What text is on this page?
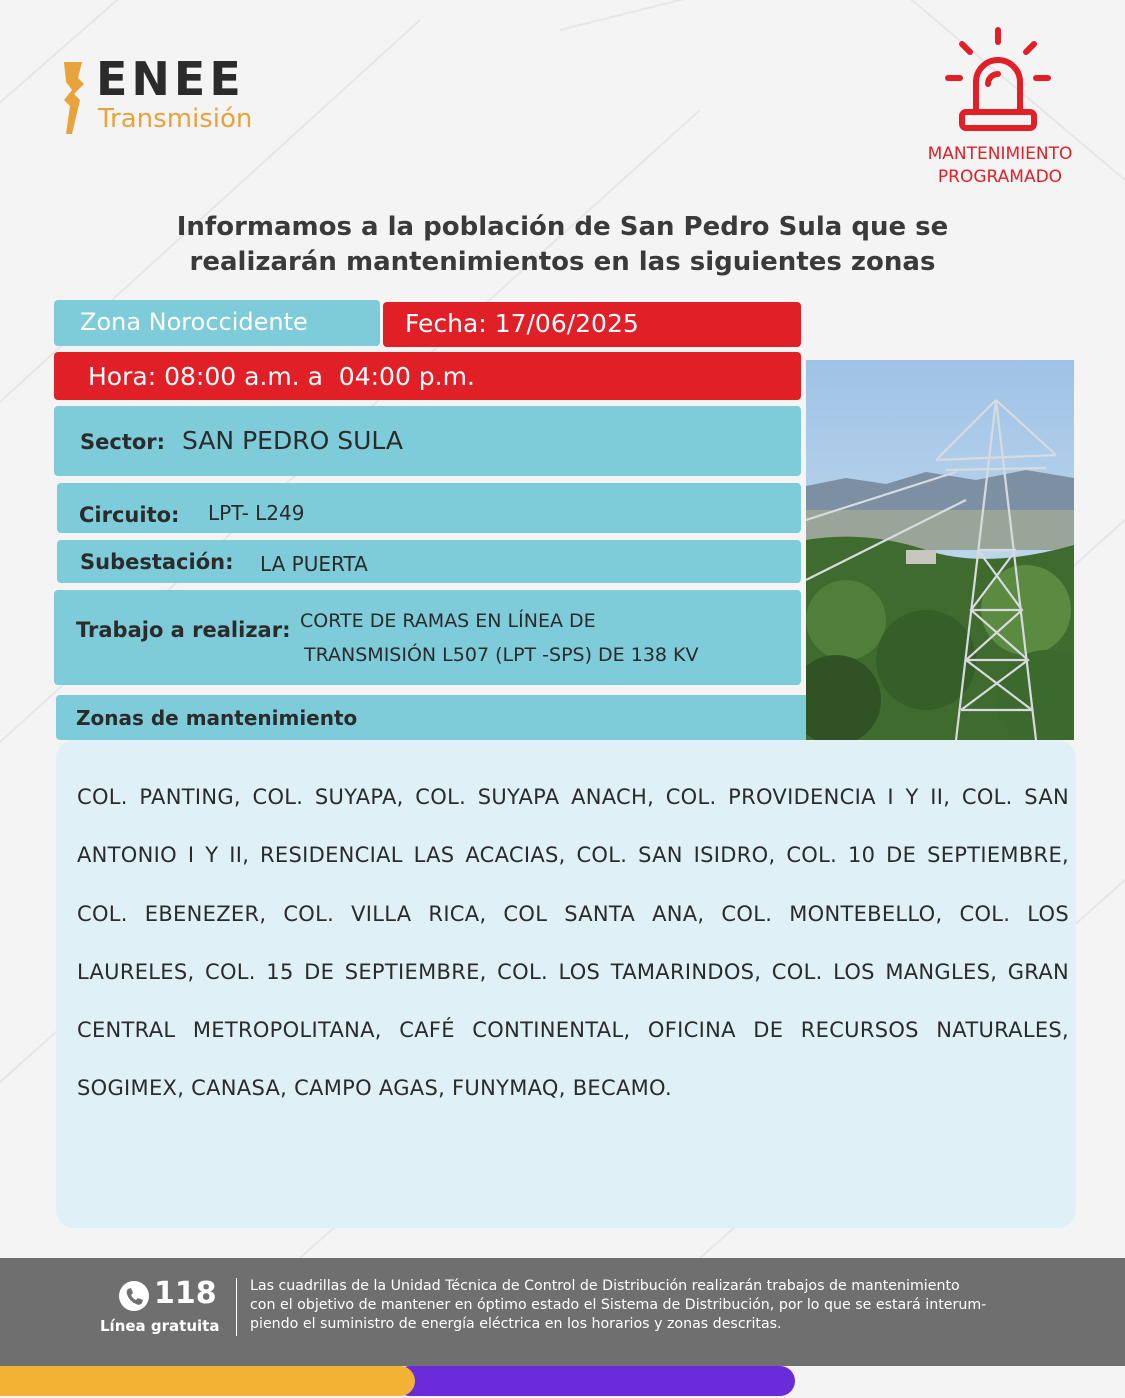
ENEE
Transmisión
MANTENIMIENTO
PROGRAMADO
Informamos a la población de San Pedro Sula que se
realizarán mantenimientos en las siguientes zonas
Zona Noroccidente	Fecha: 17/06/2025
Hora: 08:00 a.m. a  04:00 p.m.
Sector: SAN PEDRO SULA
Circuito: LPT- L249
Subestación: LA PUERTA
Trabajo a realizar: CORTE DE RAMAS EN LÍNEA DE
TRANSMISIÓN L507 (LPT -SPS) DE 138 KV
Zonas de mantenimiento
COL. PANTING, COL. SUYAPA, COL. SUYAPA ANACH, COL. PROVIDENCIA I Y II, COL. SAN ANTONIO I Y II, RESIDENCIAL LAS ACACIAS, COL. SAN ISIDRO, COL. 10 DE SEPTIEMBRE, COL. EBENEZER, COL. VILLA RICA, COL SANTA ANA, COL. MONTEBELLO, COL. LOS LAURELES, COL. 15 DE SEPTIEMBRE, COL. LOS TAMARINDOS, COL. LOS MANGLES, GRAN CENTRAL METROPOLITANA, CAFÉ CONTINENTAL, OFICINA DE RECURSOS NATURALES, SOGIMEX, CANASA, CAMPO AGAS, FUNYMAQ, BECAMO.
118
Línea gratuita
Las cuadrillas de la Unidad Técnica de Control de Distribución realizarán trabajos de mantenimiento
con el objetivo de mantener en óptimo estado el Sistema de Distribución, por lo que se estará interum-
piendo el suministro de energía eléctrica en los horarios y zonas descritas.
